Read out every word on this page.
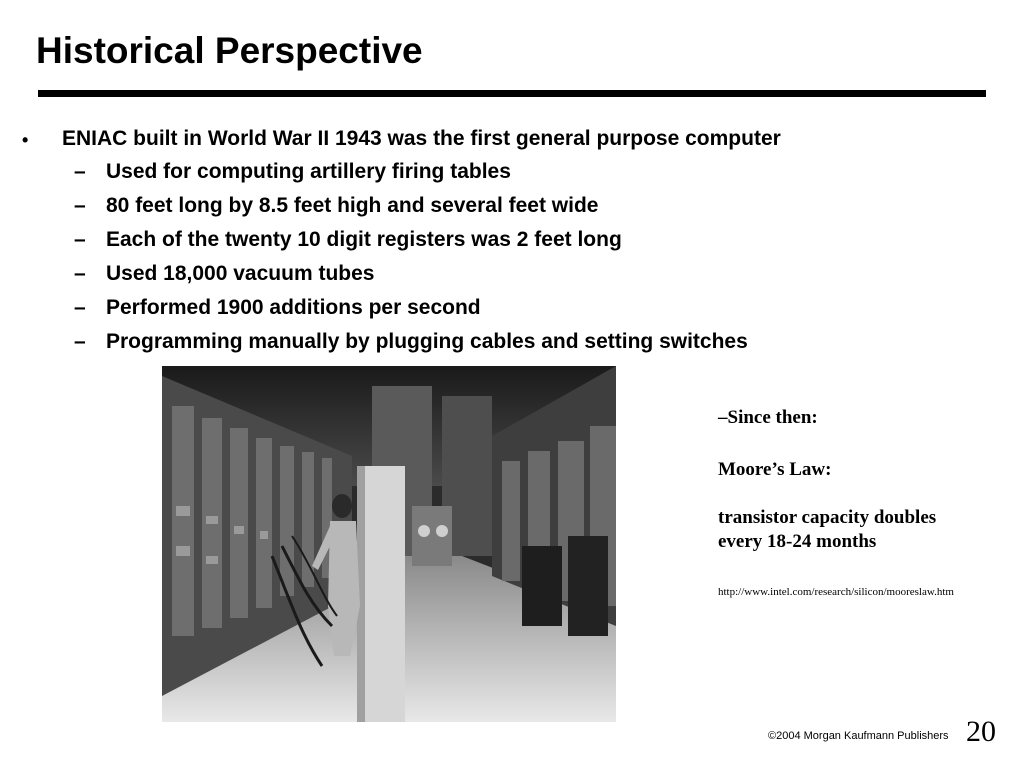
Historical Perspective
• ENIAC built in World War II 1943 was the first general purpose computer
– Used for computing artillery firing tables
– 80 feet long by 8.5 feet high and several feet wide
– Each of the twenty 10 digit registers was 2 feet long
– Used 18,000 vacuum tubes
– Performed 1900 additions per second
– Programming manually by plugging cables and setting switches
–Since then:
Moore’s Law:
transistor capacity doubles
every 18-24 months
http://www.intel.com/research/silicon/mooreslaw.htm
©2004 Morgan Kaufmann Publishers 20
